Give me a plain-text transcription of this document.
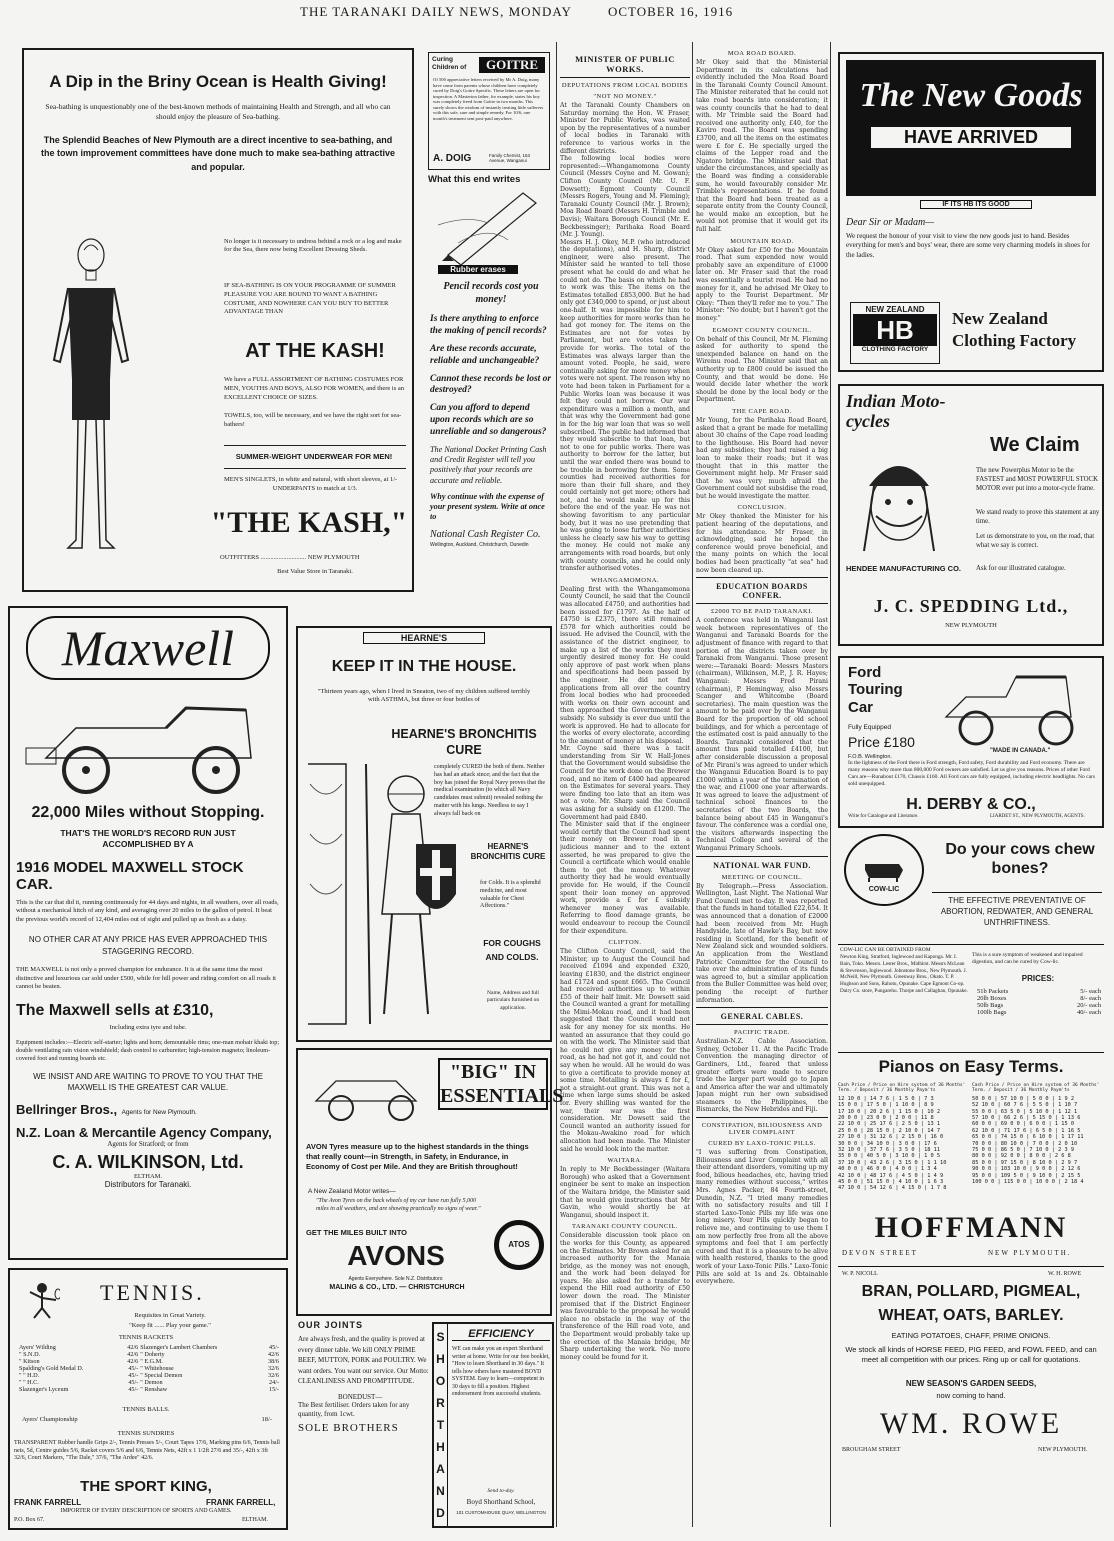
THE TARANAKI DAILY NEWS, MONDAY	OCTOBER 16, 1916
A Dip in the Briny Ocean is Health Giving!
Sea-bathing is unquestionably one of the best-known methods of maintaining Health and Strength, and all who can should enjoy the pleasure of Sea-bathing.
The Splendid Beaches of New Plymouth are a direct incentive to sea-bathing, and the town improvement committees have done much to make sea-bathing attractive and popular.
No longer is it necessary to undress behind a rock or a log and make for the Sea, there now being Excellent Dressing Sheds.
IF SEA-BATHING IS ON YOUR PROGRAMME OF SUMMER PLEASURE YOU ARE BOUND TO WANT A BATHING COSTUME, AND NOWHERE CAN YOU BUY TO BETTER ADVANTAGE THAN
AT THE KASH!
We have a FULL ASSORTMENT OF BATHING COSTUMES FOR MEN, YOUTHS AND BOYS, ALSO FOR WOMEN, and there is an EXCELLENT CHOICE OF SIZES.
TOWELS, too, will be necessary, and we have the right sort for sea-bathers!
SUMMER-WEIGHT UNDERWEAR FOR MEN!
MEN'S SINGLETS, in white and natural, with short sleeves, at 1/-
UNDERPANTS to match at 1/3.
"THE KASH,"
OUTFITTERS ............................ NEW PLYMOUTH
Best Value Store in Taranaki.
Curing Children of	GOITRE
Of 500 appreciative letters received by Mr A. Doig, many have come from parents whose children have completely cured by Doig's Goitre Specific. These letters are open for inspection. A Masterton father, for example, states his boy was completely freed from Goitre in two months. This surely shows the wisdom of instantly treating little sufferers with this safe, sure and simple remedy. For 10/6, one month's treatment sent post-paid anywhere.
A. DOIG	Family Chemist, 163 Avenue, Wanganui
What this end writes
Rubber erases
Pencil records cost you money!
Is there anything to enforce the making of pencil records?
Are these records accurate, reliable and unchangeable?
Cannot these records be lost or destroyed?
Can you afford to depend upon records which are so unreliable and so dangerous?
The National Docket Printing Cash and Credit Register will tell you positively that your records are accurate and reliable.
Why continue with the expense of your present system. Write at once to
National Cash Register Co.
Wellington, Auckland, Christchurch, Dunedin
MINISTER OF PUBLIC WORKS.
DEPUTATIONS FROM LOCAL BODIES
"NOT NO MONEY."
At the Taranaki County Chambers on Saturday morning the Hon. W. Fraser, Minister for Public Works, was waited upon by the representatives of a number of local bodies in Taranaki with reference to various works in the different districts.
The following local bodies were represented:—Whangamomona County Council (Messrs Coyne and M. Gowan); Clifton County Council (Mr. U. F. Dowsett); Egmont County Council (Messrs Rogers, Young and M. Fleming); Taranaki County Council (Mr. J. Brown); Moa Road Board (Messrs H. Trimble and Davis); Waitara Borough Council (Mr. E. Beckbessinger); Parihaka Road Board (Mr. J. Young).
Messrs H. J. Okey, M.P. (who introduced the deputations), and H. Sharp, district engineer, were also present. The Minister said he wanted to tell those present what he could do and what he could not do. The basis on which he had to work was this: The items on the Estimates totalled £853,000. But he had only got £340,000 to spend, or just about one-half. It was impossible for him to keep authorities for more works than he had got money for. The items on the Estimates are not for votes by Parliament, but are votes taken to provide for works. The total of the Estimates was always larger than the amount voted. People, he said, were continually asking for more money when votes were not spent. The reason why no vote had been taken in Parliament for a Public Works loan was because it was felt they could not borrow. Our war expenditure was a million a month, and that was why the Government had gone in for the big war loan that was so well subscribed. The public had informed that they would subscribe to that loan, but not to one for public works. There was authority to borrow for the latter, but until the war ended there was bound to be trouble in borrowing for them. Some counties had received authorities for more than their full share, and they could certainly not get more; others had not, and he would make up for this before the end of the year. He was not showing favoritism to any particular body, but it was no use pretending that he was going to loose further authorities unless he clearly saw his way to getting the money. He could not make any arrangements with road boards, but only with county councils, and he could only transfer authorised votes.
WHANGAMOMONA.
Dealing first with the Whangamomona County Council, he said that the Council was allocated £4750, and authorities had been issued for £1797. As the half of £4750 is £2375, there still remained £578 for which authorities could be issued. He advised the Council, with the assistance of the district engineer, to make up a list of the works they most urgently desired money for. He could only approve of past work when plans and specifications had been passed by the engineer. He did not find applications from all over the country from local bodies who had proceeded with works on their own account and then approached the Government for a subsidy. No subsidy is ever due until the work is approved. He had to allocate for the works of every electorate, according to the amount of money at his disposal.
Mr. Coyne said there was a tacit understanding from Sir W. Hall-Jones that the Government would subsidise the Council for the work done on the Brewer road, and no item of £400 had appeared on the Estimates for several years. They were finding too late that an item was not a vote. Mr. Sharp said the Council was asking for a subsidy on £1200. The Government had paid £840.
The Minister said that if the engineer would certify that the Council had spent their money on Brewer road in a judicious manner and to the extent asserted, he was prepared to give the Council a certificate which would enable them to get the money. Whatever authority they had he would eventually provide for. He would, if the Council spent their loan money on approved work, provide a £ for £ subsidy whenever money was available. Referring to flood damage grants, he would endeavour to recoup the Council for their expenditure.
CLIFTON.
The Clifton County Council, said the Minister, up to August the Council had received £1094 and expended £320, leaving £1830, and the district engineer had £1724 and spent £665. The Council had received authorities up to within £55 of their half limit. Mr. Dowsett said the Council wanted a grant for metalling the Mimi-Mokau road, and it had been suggested that the Council would not ask for any money for six months. He wanted an assurance that they could go on with the work. The Minister said that he could not give any money for the road, as he had not got it, and could not say when he would. All he would do was to give a certificate to provide money at some time. Metalling is always £ for £, not a straight-out grant. This was not a time when large sums should be asked for. Every shilling was wanted for the war, their war was the first consideration. Mr. Dowsett said the Council wanted an authority issued for the Mokau-Awakino road for which allocation had been made. The Minister said he would look into the matter.
WAITARA.
In reply to Mr Beckbessinger (Waitara Borough) who asked that a Government engineer be sent to make an inspection of the Waitara bridge, the Minister said that he would give instructions that Mr Gavin, who would shortly be at Wanganui, should inspect it.
TARANAKI COUNTY COUNCIL.
Considerable discussion took place on the works for this County, as appeared on the Estimates. Mr Brown asked for an increased authority for the Manaia bridge, as the money was not enough, and the work had been delayed for years. He also asked for a transfer to expend the Hill road authority of £50 lower down the road. The Minister promised that if the District Engineer was favourable to the proposal he would place no obstacle in the way of the transference of the Hill road vote, and the Department would probably take up the erection of the Manaia bridge, Mr Sharp undertaking the work. No more money could be found for it.
MOA ROAD BOARD.
Mr Okey said that the Ministerial Department in its calculations had evidently included the Moa Road Board in the Taranaki County Council Amount. The Minister reiterated that he could not take road boards into consideration; it was county councils that he had to deal with. Mr Trimble said the Board had received one authority only, £40, for the Kaviro road. The Board was spending £3700, and all the items on the estimates were £ for £. He specially urged the claims of the Lepper road and the Ngatoro bridge. The Minister said that under the circumstances, and specially as the Board was finding a considerable sum, he would favourably consider Mr. Trimble's representations. If he found that the Board had been treated as a separate entity from the County Council, he would make an exception, but he would not promise that it would get its full half.
MOUNTAIN ROAD.
Mr Okey asked for £50 for the Mountain road. That sum expended now would probably save an expenditure of £1000 later on. Mr Fraser said that the road was essentially a tourist road. He had no money for it, and he advised Mr Okey to apply to the Tourist Department. Mr Okey: "Then they'll refer me to you." The Minister: "No doubt; but I haven't got the money."
EGMONT COUNTY COUNCIL.
On behalf of this Council, Mr M. Fleming asked for authority to spend the unexpended balance on hand on the Wiremu road. The Minister said that an authority up to £800 could be issued the County, and that would be done. He would decide later whether the work should be done by the local body or the Department.
THE CAPE ROAD.
Mr Young, for the Parihaka Road Board, asked that a grant be made for metalling about 30 chains of the Cape road leading to the lighthouse. His Board had never had any subsidies; they had raised a big loan to make their roads; but it was thought that in this matter the Government might help. Mr Fraser said that he was very much afraid the Government could not subsidise the road, but he would investigate the matter.
CONCLUSION.
Mr Okey thanked the Minister for his patient hearing of the deputations, and for his attendance. Mr Fraser, in acknowledging, said he hoped the conference would prove beneficial, and the many points on which the local bodies had been practically "at sea" had now been cleared up.
EDUCATION BOARDS CONFER.
£2000 TO BE PAID TARANAKI.
A conference was held in Wanganui last week between representatives of the Wanganui and Taranaki Boards for the adjustment of finance with regard to that portion of the districts taken over by Taranaki from Wanganui. Those present were:—Taranaki Board: Messrs Masters (chairman), Wilkinson, M.P., J. R. Hayes; Wanganui: Messrs Fred Pirani (chairman), P. Hemingway, also Messrs Scanger and Whitcombe (Board secretaries). The main question was the amount to be paid over by the Wanganui Board for the proportion of old school buildings, and for which a percentage of the estimated cost is paid annually to the Boards. Taranaki considered that the amount thus paid totalled £4100, but after considerable discussion a proposal of Mr. Pirani's was agreed to under which the Wanganui Education Board is to pay £1000 within a year of the termination of the war, and £1000 one year afterwards. It was agreed to leave the adjustment of technical school finances to the secretaries of the two Boards, the balance being about £45 in Wanganui's favour. The conference was a cordial one, the visitors afterwards inspecting the Technical College and several of the Wanganui Primary Schools.
NATIONAL WAR FUND.
MEETING OF COUNCIL.
By Telegraph.—Press Association. Wellington, Last Night. The National War Fund Council met to-day. It was reported that the funds in hand totalled £22,654. It was announced that a donation of £2000 had been received from Mr. Hugh Handyside, late of Hawke's Bay, but now residing in Scotland, for the benefit of New Zealand sick and wounded soldiers. An application from the Westland Patriotic Committee for the Council to take over the administration of its funds was agreed to, but a similar application from the Buller Committee was held over, pending the receipt of further information.
GENERAL CABLES.
PACIFIC TRADE.
Australian-N.Z. Cable Association. Sydney, October 11. At the Pacific Trade Convention the managing director of Gardiners, Ltd., feared that unless greater efforts were made to secure trade the larger part would go to Japan and America after the war and ultimately Japan might run her own subsidised steamers to the Philippines, the Bismarcks, the New Hebrides and Fiji.
CONSTIPATION, BILIOUSNESS AND LIVER COMPLAINT
CURED BY LAXO-TONIC PILLS.
"I was suffering from Constipation, Biliousness and Liver Complaint with all their attendant disorders, vomiting up my food, bilious headaches, etc, having tried many remedies without success," writes Mrs. Agnes Packer, 84 Fourth-street, Dunedin, N.Z. "I tried many remedies with no satisfactory results and till I started Laxo-Tonic Pills my life was one long misery. Your Pills quickly began to relieve me, and continuing to use them I am now perfectly free from all the above symptoms and feel that I am perfectly cured and that it is a pleasure to be alive with health restored, thanks to the good work of your Laxo-Tonic Pills." Laxo-Tonic Pills are sold at 1s and 2s. Obtainable everywhere.
The New Goods
HAVE ARRIVED
IF ITS HB ITS GOOD
Dear Sir or Madam—
We request the honour of your visit to view the new goods just to hand. Besides everything for men's and boys' wear, there are some very charming models in shoes for the ladies.
NEW ZEALAND
HB
CLOTHING FACTORY
New Zealand Clothing Factory
Indian Moto-cycles
We Claim
The new Powerplus Motor to be the FASTEST and MOST POWERFUL STOCK MOTOR ever put into a motor-cycle frame.
We stand ready to prove this statement at any time.
Let us demonstrate to you, on the road, that what we say is correct.
Ask for our illustrated catalogue.
HENDEE MANUFACTURING CO.
J. C. SPEDDING Ltd.,
NEW PLYMOUTH
Maxwell
22,000 Miles without Stopping.
THAT'S THE WORLD'S RECORD RUN JUST ACCOMPLISHED BY A
1916 MODEL MAXWELL STOCK CAR.
This is the car that did it, running continuously for 44 days and nights, in all weathers, over all roads, without a mechanical hitch of any kind, and averaging over 20 miles to the gallon of petrol. It beat the previous world's record of 12,404 miles out of sight and pulled up as fresh as a daisy.
NO OTHER CAR AT ANY PRICE HAS EVER APPROACHED THIS STAGGERING RECORD.
THE MAXWELL is not only a proved champion for endurance. It is at the same time the most distinctive and luxurious car sold under £500, while for hill power and riding comfort on all roads it cannot be beaten.
The Maxwell sells at £310,
Including extra tyre and tube.
Equipment includes:—Electric self-starter; lights and horn; demountable rims; one-man mohair khaki top; double ventilating rain vision windshield; dash control to carburetter; high-tension magneto; linoleum-covered foot and running boards etc.
WE INSIST AND ARE WAITING TO PROVE TO YOU THAT THE MAXWELL IS THE GREATEST CAR VALUE.
Bellringer Bros., Agents for New Plymouth.
N.Z. Loan & Mercantile Agency Company,
Agents for Stratford; or from
C. A. WILKINSON, Ltd.
ELTHAM.
Distributors for Taranaki.
HEARNE'S
KEEP IT IN THE HOUSE.
"Thirteen years ago, when I lived in Sneaton, two of my children suffered terribly with ASTHMA, but three or four bottles of
HEARNE'S BRONCHITIS CURE
completely CURED the both of them. Neither has had an attack since; and the fact that the boy has joined the Royal Navy proves that the medical examination (to which all Navy candidates must submit) revealed nothing the matter with his lungs. Needless to say I always fall back on
HEARNE'S BRONCHITIS CURE
for Colds. It is a splendid medicine, and most valuable for Chest Affections."
FOR COUGHS AND COLDS.
Name, Address and full particulars furnished on application.
"BIG" IN ESSENTIALS
AVON Tyres measure up to the highest standards in the things that really count—in Strength, in Safety, in Endurance, in Economy of Cost per Mile. And they are British throughout!
A New Zealand Motor writes—
"The Avon Tyres on the back wheels of my car have run fully 5,000 miles in all weathers, and are showing practically no signs of wear."
GET THE MILES BUILT INTO
AVONS
Agents Everywhere. Sole N.Z. Distributors:
MALING & CO., LTD. — CHRISTCHURCH
ATOS
OUR JOINTS
Are always fresh, and the quality is proved at every dinner table. We kill ONLY PRIME BEEF, MUTTON, PORK and POULTRY. We want orders. You want our service. Our Motto: CLEANLINESS AND PROMPTITUDE.
BONEDUST—
The Best fertiliser. Orders taken for any quantity, from 1cwt.
SOLE BROTHERS
SHORTHAND
EFFICIENCY
WE can make you an expert Shorthand writer at home. Write for our free booklet, "How to learn Shorthand in 30 days." It tells how others have mastered BOYD SYSTEM. Easy to learn—competent in 30 days to fill a position. Highest endorsement from successful students.
Send to-day.
Boyd Shorthand School,
101 CUSTOMHOUSE QUAY, WELLINGTON
TENNIS.
Requisites in Great Variety.
"Keep fit ...... Play your game."
TENNIS RACKETS
Ayers' Wilding	42/6	Slazenger's Lambert Chambers	45/-
" S.N.D.	42/6	" Doherty	42/6
" Kitson	42/6	" E.G.M.	38/6
Spalding's Gold Medal D.	45/-	" Whitehouse	32/6
" " H.D.	45/-	" Special Demon	32/6
" " H.C.	45/-	" Demon	24/-
Slazenger's Lyceum	45/-	" Renshaw	15/-
TENNIS BALLS.
Ayers' Championship	18/-
TENNIS SUNDRIES
TRANSPARENT Rubber handle Grips 2/-, Tennis Presses 5/-, Court Tapes 17/6, Marking pins 6/6, Tennis ball nets, 5d, Centre guides 5/6, Racket covers 5/6 and 6/6, Tennis Nets, 42ft x 1 1/2ft 27/6 and 35/-, 42ft x 3ft 32/6, Court Markers, "The Dale," 37/6, "The Ardee" 42/6.
THE SPORT KING,
FRANK FARRELL	FRANK FARRELL,
IMPORTER OF EVERY DESCRIPTION OF SPORTS AND GAMES.
P.O. Box 67.	ELTHAM.
Ford Touring Car
Fully Equipped
Price £180
F.O.B. Wellington.
"MADE IN CANADA."
In the lightness of the Ford there is Ford strength, Ford safety, Ford durability and Ford economy. There are many reasons why more than 800,000 Ford owners are satisfied. Let us give you reasons. Prices of other Ford Cars are—Runabout £170, Chassis £160. All Ford cars are fully equipped, including electric headlights. No cars sold unequipped.
H. DERBY & CO.,
Write for Catalogue and Literature.	LIARDET ST., NEW PLYMOUTH, AGENTS.
COW-LIC
Do your cows chew bones?
THE EFFECTIVE PREVENTATIVE OF ABORTION, REDWATER, AND GENERAL UNTHRIFTINESS.
COW-LIC CAN BE OBTAINED FROM
Newton King, Stratford, Inglewood and Kaponga. Mr. I. Bain, Toko. Messrs. Lester Bros., Midhirst. Messrs McLean & Stevenson, Inglewood. Johnstone Bros., New Plymouth. J. McNeill, New Plymouth. Greenway Bros., Okato. T. P. Hughson and Sons, Rahotu, Opunake. Cape Egmont Co-op. Dairy Co. store, Pungarehu. Thorpe and Callaghan, Opunake.
This is a sure symptom of weakened and impaired digestion, and can be cured by Cow-lic.
PRICES:
51b Packets	5/- each
20lb Boxes	8/- each
50lb Bags	20/- each
100lb Bags	40/- each
Pianos on Easy Terms.
Cash Price / Price on Hire system of 36 Months' Term. / Deposit / 36 Monthly Paym'ts
12 10 0 | 14 7 6 | 1 5 0 | 7 3
15 0 0 | 17 5 0 | 1 10 0 | 8 9
17 10 0 | 20 2 6 | 1 15 0 | 10 2
20 0 0 | 23 0 0 | 2 0 0 | 11 8
22 10 0 | 25 17 6 | 2 5 0 | 13 1
25 0 0 | 28 15 0 | 2 10 0 | 14 7
27 10 0 | 31 12 6 | 2 15 0 | 16 0
30 0 0 | 34 10 0 | 3 0 0 | 17 6
32 10 0 | 37 7 6 | 3 5 0 | 18 11
35 0 0 | 40 5 0 | 3 10 0 | 1 0 5
37 10 0 | 43 2 6 | 3 15 0 | 1 1 10
40 0 0 | 46 0 0 | 4 0 0 | 1 3 4
42 10 0 | 48 17 6 | 4 5 0 | 1 4 9
45 0 0 | 51 15 0 | 4 10 0 | 1 6 3
47 10 0 | 54 12 6 | 4 15 0 | 1 7 8
Cash Price / Price on Hire system of 36 Months' Term. / Deposit / 36 Monthly Paym'ts
50 0 0 | 57 10 0 | 5 0 0 | 1 9 2
52 10 0 | 60 7 6 | 5 5 0 | 1 10 7
55 0 0 | 63 5 0 | 5 10 0 | 1 12 1
57 10 0 | 66 2 6 | 5 15 0 | 1 13 6
60 0 0 | 69 0 0 | 6 0 0 | 1 15 0
62 10 0 | 71 17 6 | 6 5 0 | 1 16 5
65 0 0 | 74 15 0 | 6 10 0 | 1 17 11
70 0 0 | 80 10 0 | 7 0 0 | 2 0 10
75 0 0 | 86 5 0 | 7 10 0 | 2 3 9
80 0 0 | 92 0 0 | 8 0 0 | 2 6 8
85 0 0 | 97 15 0 | 8 10 0 | 2 9 7
90 0 0 | 103 10 0 | 9 0 0 | 2 12 6
95 0 0 | 109 5 0 | 9 10 0 | 2 15 5
100 0 0 | 115 0 0 | 10 0 0 | 2 18 4
HOFFMANN
DEVON STREET	NEW PLYMOUTH.
W. P. NICOLL	W. H. ROWE
BRAN, POLLARD, PIGMEAL,
WHEAT, OATS, BARLEY.
EATING POTATOES, CHAFF, PRIME ONIONS.
We stock all kinds of HORSE FEED, PIG FEED, and FOWL FEED, and can meet all competition with our prices. Ring up or call for quotations.
NEW SEASON'S GARDEN SEEDS,
now coming to hand.
WM. ROWE
BROUGHAM STREET	NEW PLYMOUTH.
